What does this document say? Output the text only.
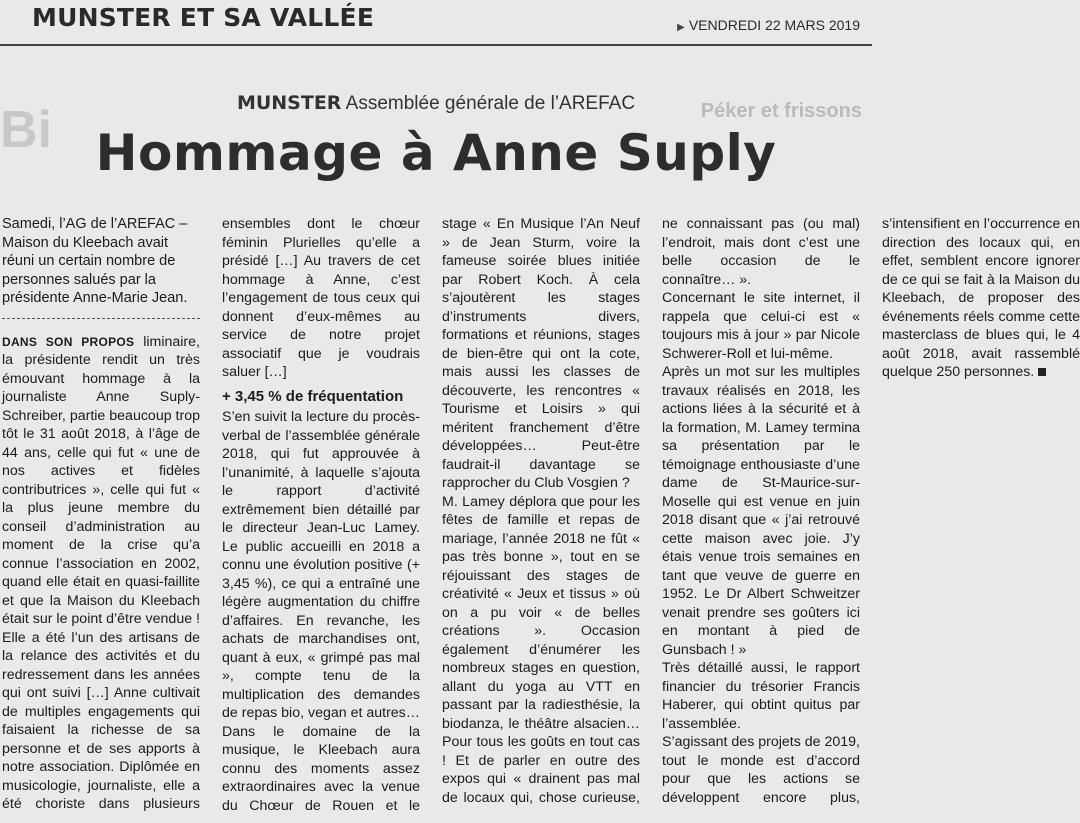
MUNSTER ET SA VALLÉE
▶	VENDREDI 22 MARS 2019
Bi	Péker et frissons
MUNSTER Assemblée générale de l’AREFAC
Hommage à Anne Suply

Samedi, l’AG de l’AREFAC – Maison du Kleebach avait réuni un certain nombre de personnes salués par la présidente Anne-Marie Jean.

DANS SON PROPOS liminaire, la présidente rendit un très émouvant hommage à la journaliste Anne Suply-Schreiber, partie beaucoup trop tôt le 31 août 2018, à l’âge de 44 ans, celle qui fut « une de nos actives et fidèles contributrices », celle qui fut « la plus jeune membre du conseil d’administration au moment de la crise qu’a connue l’association en 2002, quand elle était en quasi-faillite et que la Maison du Kleebach était sur le point d’être vendue ! Elle a été l’un des artisans de la relance des activités et du redressement dans les années qui ont suivi […] Anne cultivait de multiples engagements qui faisaient la richesse de sa personne et de ses apports à notre association. Diplômée en musicologie, journaliste, elle a été choriste dans plusieurs ensembles dont le chœur féminin Plurielles qu’elle a présidé […] Au travers de cet hommage à Anne, c’est l’engagement de tous ceux qui donnent d’eux-mêmes au service de notre projet associatif que je voudrais saluer […]

+ 3,45 % de fréquentation

S’en suivit la lecture du procès-verbal de l’assemblée générale 2018, qui fut approuvée à l’unanimité, à laquelle s’ajouta le rapport d’activité extrêmement bien détaillé par le directeur Jean-Luc Lamey. Le public accueilli en 2018 a connu une évolution positive (+ 3,45 %), ce qui a entraîné une légère augmentation du chiffre d’affaires. En revanche, les achats de marchandises ont, quant à eux, « grimpé pas mal », compte tenu de la multiplication des demandes de repas bio, vegan et autres…

Dans le domaine de la musique, le Kleebach aura connu des moments assez extraordinaires avec la venue du Chœur de Rouen et le stage « En Musique l’An Neuf » de Jean Sturm, voire la fameuse soirée blues initiée par Robert Koch. À cela s’ajoutèrent les stages d’instruments divers, formations et réunions, stages de bien-être qui ont la cote, mais aussi les classes de découverte, les rencontres « Tourisme et Loisirs » qui méritent franchement d’être développées… Peut-être faudrait-il davantage se rapprocher du Club Vosgien ?

M. Lamey déplora que pour les fêtes de famille et repas de mariage, l’année 2018 ne fût « pas très bonne », tout en se réjouissant des stages de créativité « Jeux et tissus » où on a pu voir « de belles créations ». Occasion également d’énumérer les nombreux stages en question, allant du yoga au VTT en passant par la radiesthésie, la biodanza, le théâtre alsacien… Pour tous les goûts en tout cas ! Et de parler en outre des expos qui « drainent pas mal de locaux qui, chose curieuse, ne connaissant pas (ou mal) l’endroit, mais dont c’est une belle occasion de le connaître… ».

Concernant le site internet, il rappela que celui-ci est « toujours mis à jour » par Nicole Schwerer-Roll et lui-même.

Après un mot sur les multiples travaux réalisés en 2018, les actions liées à la sécurité et à la formation, M. Lamey termina sa présentation par le témoignage enthousiaste d’une dame de St-Maurice-sur-Moselle qui est venue en juin 2018 disant que « j’ai retrouvé cette maison avec joie. J’y étais venue trois semaines en tant que veuve de guerre en 1952. Le Dr Albert Schweitzer venait prendre ses goûters ici en montant à pied de Gunsbach ! »

Très détaillé aussi, le rapport financier du trésorier Francis Haberer, qui obtint quitus par l’assemblée.

S’agissant des projets de 2019, tout le monde est d’accord pour que les actions se développent encore plus, s’intensifient en l’occurrence en direction des locaux qui, en effet, semblent encore ignorer de ce qui se fait à la Maison du Kleebach, de proposer des événements réels comme cette masterclass de blues qui, le 4 août 2018, avait rassemblé quelque 250 personnes.
